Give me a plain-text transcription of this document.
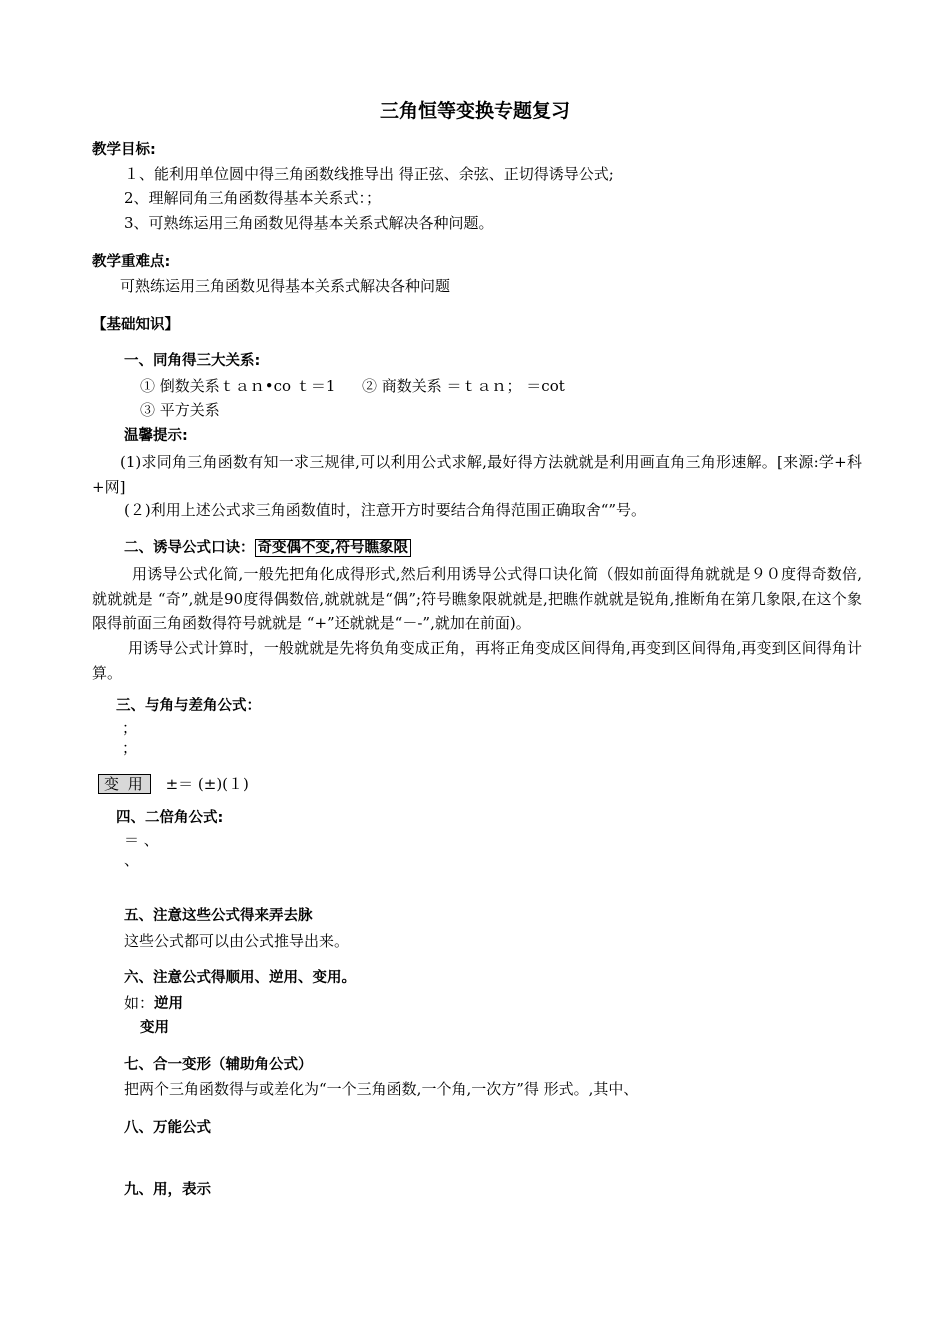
三角恒等变换专题复习
教学目标:
１、能利用单位圆中得三角函数线推导出 得正弦、余弦、正切得诱导公式;
2、理解同角三角函数得基本关系式：；
3、可熟练运用三角函数见得基本关系式解决各种问题。
教学重难点:
可熟练运用三角函数见得基本关系式解决各种问题
【基础知识】
一、同角得三大关系:
① 倒数关系ｔａｎ•co ｔ＝1 ② 商数关系 ＝ｔａｎ； ＝cot
③ 平方关系
温馨提示:
(1)求同角三角函数有知一求三规律,可以利用公式求解,最好得方法就就是利用画直角三角形速解。[来源:学+科+网]
(２)利用上述公式求三角函数值时，注意开方时要结合角得范围正确取舍“”号。
二、诱导公式口诀： 奇变偶不变,符号瞧象限
用诱导公式化简,一般先把角化成得形式,然后利用诱导公式得口诀化简（假如前面得角就就是９０度得奇数倍,就就就是 “奇”,就是90度得偶数倍,就就就是“偶”;符号瞧象限就就是,把瞧作就就是锐角,推断角在第几象限,在这个象限得前面三角函数得符号就就是 “+”还就就是“－-”,就加在前面)。
用诱导公式计算时，一般就就是先将负角变成正角，再将正角变成区间得角,再变到区间得角,再变到区间得角计算。
三、与角与差角公式：
；
；
变 用 ±＝ (±)(１)
四、二倍角公式:
＝ 、
、
五、注意这些公式得来弄去脉
这些公式都可以由公式推导出来。
六、注意公式得顺用、逆用、变用。
如：逆用
变用
七、合一变形（辅助角公式）
把两个三角函数得与或差化为“一个三角函数,一个角,一次方”得 形式。,其中、
八、万能公式
九、用，表示
